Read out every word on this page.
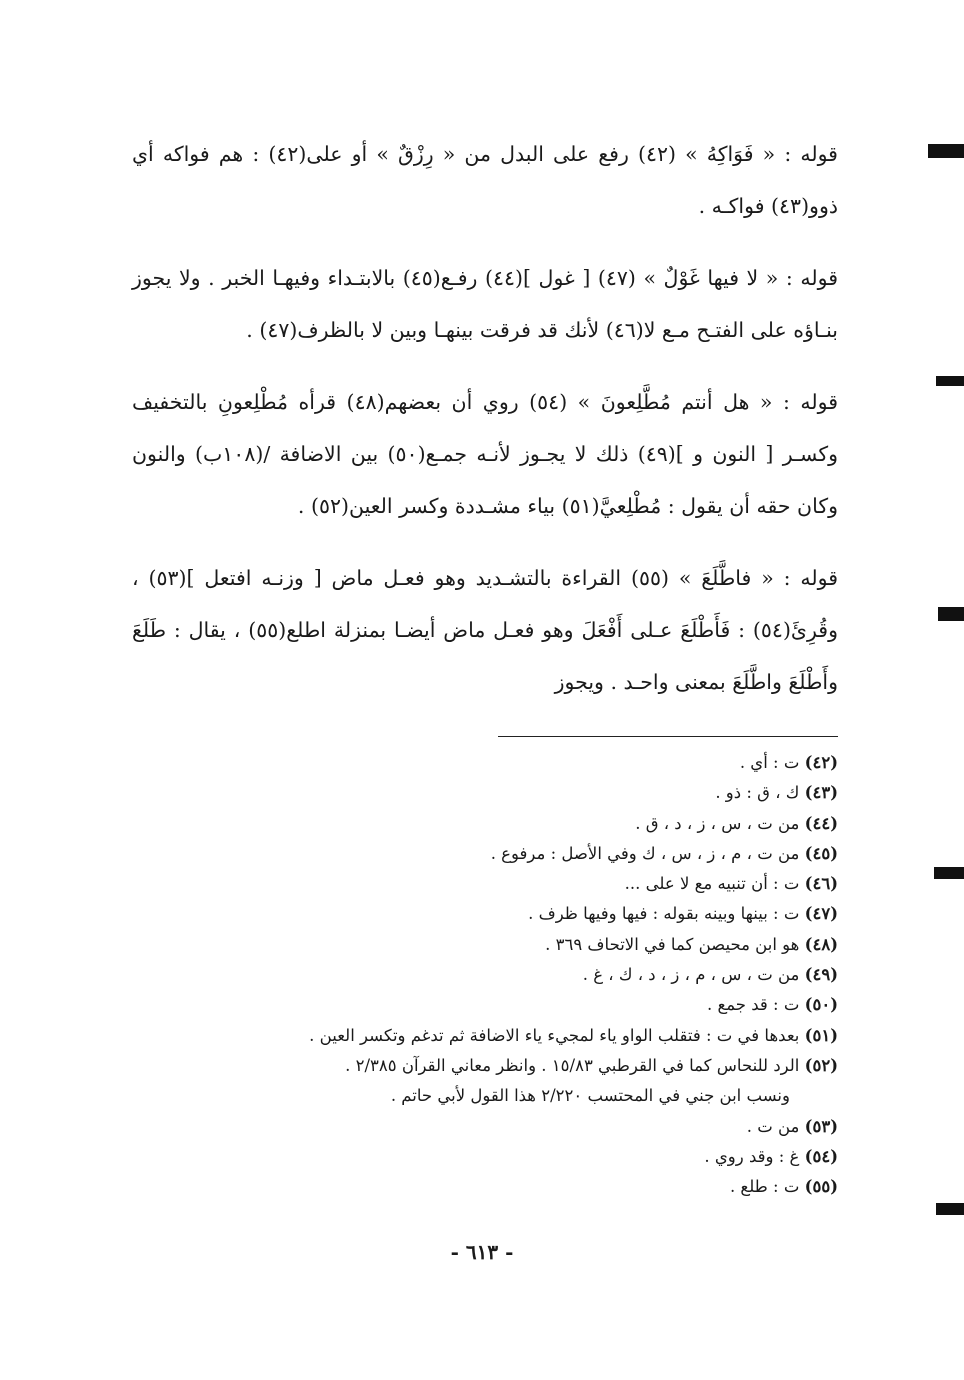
قوله : « فَوَاكِهُ » (٤٢) رفع على البدل من « رِزْقٌ » أو على(٤٢) : هم فواكه أي ذوو(٤٣) فواكـه .

قوله : « لا فيها غَوْلٌ » (٤٧) [ غول ](٤٤) رفـع(٤٥) بالابتـداء وفيهـا الخبر . ولا يجوز بنـاؤه على الفتـح مـع لا(٤٦) لأنك قد فرقت بينهـا وبين لا بالظرف(٤٧) .

قوله : « هل أنتم مُطَّلِعونَ » (٥٤) روي أن بعضهم(٤٨) قرأه مُطْلِعونِ بالتخفيف وكسـر [ النون و ](٤٩) ذلك لا يجـوز لأنـه جمـع(٥٠) بين الاضافة /(١٠٨ب) والنون وكان حقه أن يقول : مُطْلِعيَّ(٥١) بياء مشـددة وكسر العين(٥٢) .

قوله : « فاطَّلَعَ » (٥٥) القراءة بالتشـديد وهو فعـل ماض [ وزنـه افتعل ](٥٣) ، وقُرِئَ(٥٤) : فَأَطْلَعَ عـلى أَفْعَلَ وهو فعـل ماض أيضـا بمنزلة اطلع(٥٥) ، يقال : طَلَعَ وأَطْلَعَ واطَّلَعَ بمعنى واحـد . ويجوز

(٤٢) ت : أي .
(٤٣) ك ، ق : ذو .
(٤٤) من ت ، س ، ز ، د ، ق .
(٤٥) من ت ، م ، ز ، س ، ك وفي الأصل : مرفوع .
(٤٦) ت : أن تنبيه مع لا على ...
(٤٧) ت : بينها وبينه بقوله : فيها وفيها ظرف .
(٤٨) هو ابن محيصن كما في الاتحاف ٣٦٩ .
(٤٩) من ت ، س ، م ، ز ، د ، ك ، غ .
(٥٠) ت : قد جمع .
(٥١) بعدها في ت : فتقلب الواو ياء لمجيء ياء الاضافة ثم تدغم وتكسر العين .
(٥٢) الرد للنحاس كما في القرطبي ١٥/٨٣ . وانظر معاني القرآن ٢/٣٨٥ .
ونسب ابن جني في المحتسب ٢/٢٢٠ هذا القول لأبي حاتم .
(٥٣) من ت .
(٥٤) غ : وقد روي .
(٥٥) ت : طلع .
- ٦١٣ -
